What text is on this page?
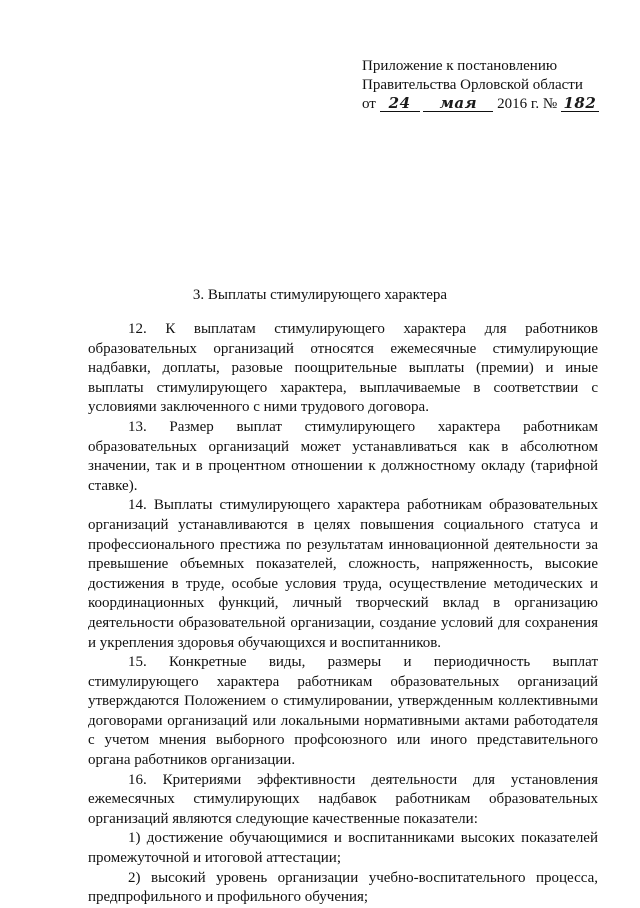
Приложение к постановлению
Правительства Орловской области
от 24 мая 2016 г. № 182
3. Выплаты стимулирующего характера

12. К выплатам стимулирующего характера для работников образовательных организаций относятся ежемесячные стимулирующие надбавки, доплаты, разовые поощрительные выплаты (премии) и иные выплаты стимулирующего характера, выплачиваемые в соответствии с условиями заключенного с ними трудового договора.

13. Размер выплат стимулирующего характера работникам образовательных организаций может устанавливаться как в абсолютном значении, так и в процентном отношении к должностному окладу (тарифной ставке).

14. Выплаты стимулирующего характера работникам образовательных организаций устанавливаются в целях повышения социального статуса и профессионального престижа по результатам инновационной деятельности за превышение объемных показателей, сложность, напряженность, высокие достижения в труде, особые условия труда, осуществление методических и координационных функций, личный творческий вклад в организацию деятельности образовательной организации, создание условий для сохранения и укрепления здоровья обучающихся и воспитанников.

15. Конкретные виды, размеры и периодичность выплат стимулирующего характера работникам образовательных организаций утверждаются Положением о стимулировании, утвержденным коллективными договорами организаций или локальными нормативными актами работодателя с учетом мнения выборного профсоюзного или иного представительного органа работников организации.

16. Критериями эффективности деятельности для установления ежемесячных стимулирующих надбавок работникам образовательных организаций являются следующие качественные показатели:

1) достижение обучающимися и воспитанниками высоких показателей промежуточной и итоговой аттестации;

2) высокий уровень организации учебно-воспитательного процесса, предпрофильного и профильного обучения;
